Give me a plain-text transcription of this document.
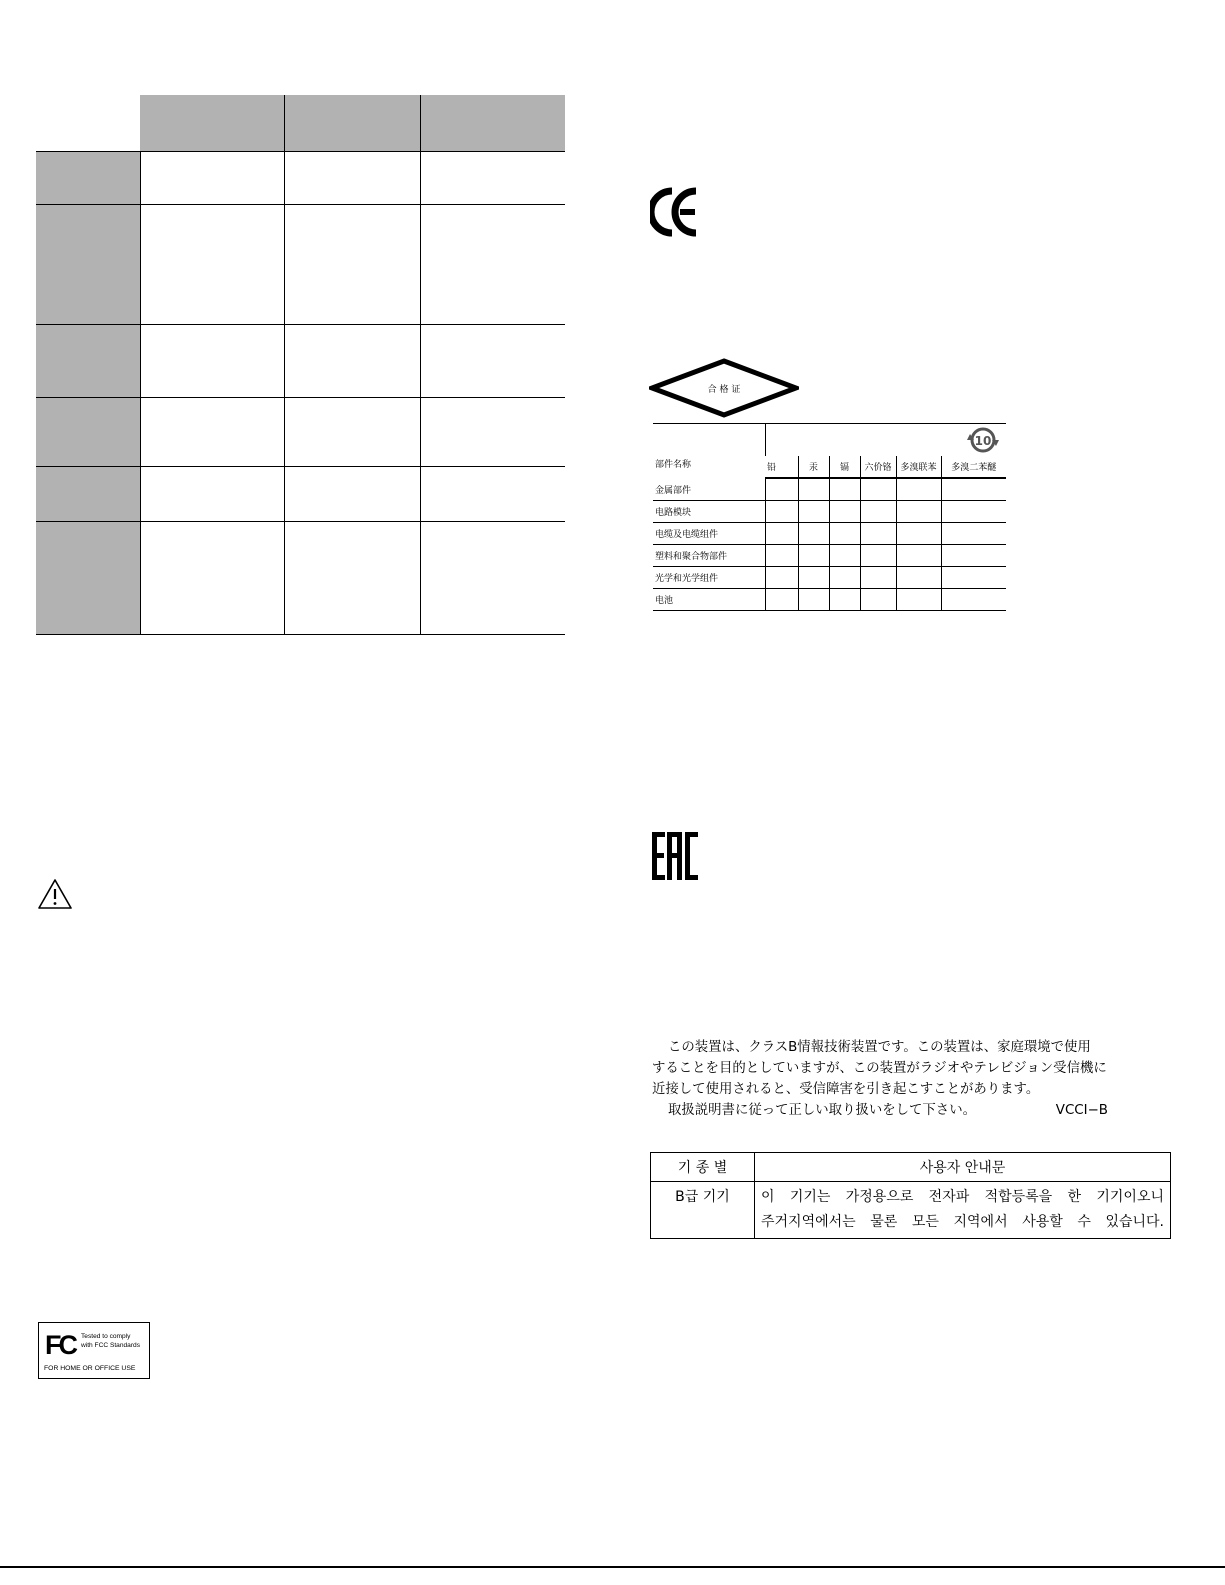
合 格 证
部件名称						
	铅	汞	镉	六价铬	多溴联苯	多溴二苯醚
金属部件						
电路模块						
电缆及电缆组件						
塑料和聚合物部件						
光学和光学组件						
电池						
10

この装置は、クラスB情報技術装置です。この装置は、家庭環境で使用

することを目的としていますが、この装置がラジオやテレビジョン受信機に

近接して使用されると、受信障害を引き起こすことがあります。

取扱説明書に従って正しい取り扱いをして下さい。	VCCI−B

기 종 별	사용자 안내문
B급 기기	이 기기는 가정용으로 전자파 적합등록을 한 기기이오니
주거지역에서는 물론 모든 지역에서 사용할 수 있습니다.
FC Tested to comply
with FCC Standards
FOR HOME OR OFFICE USE
